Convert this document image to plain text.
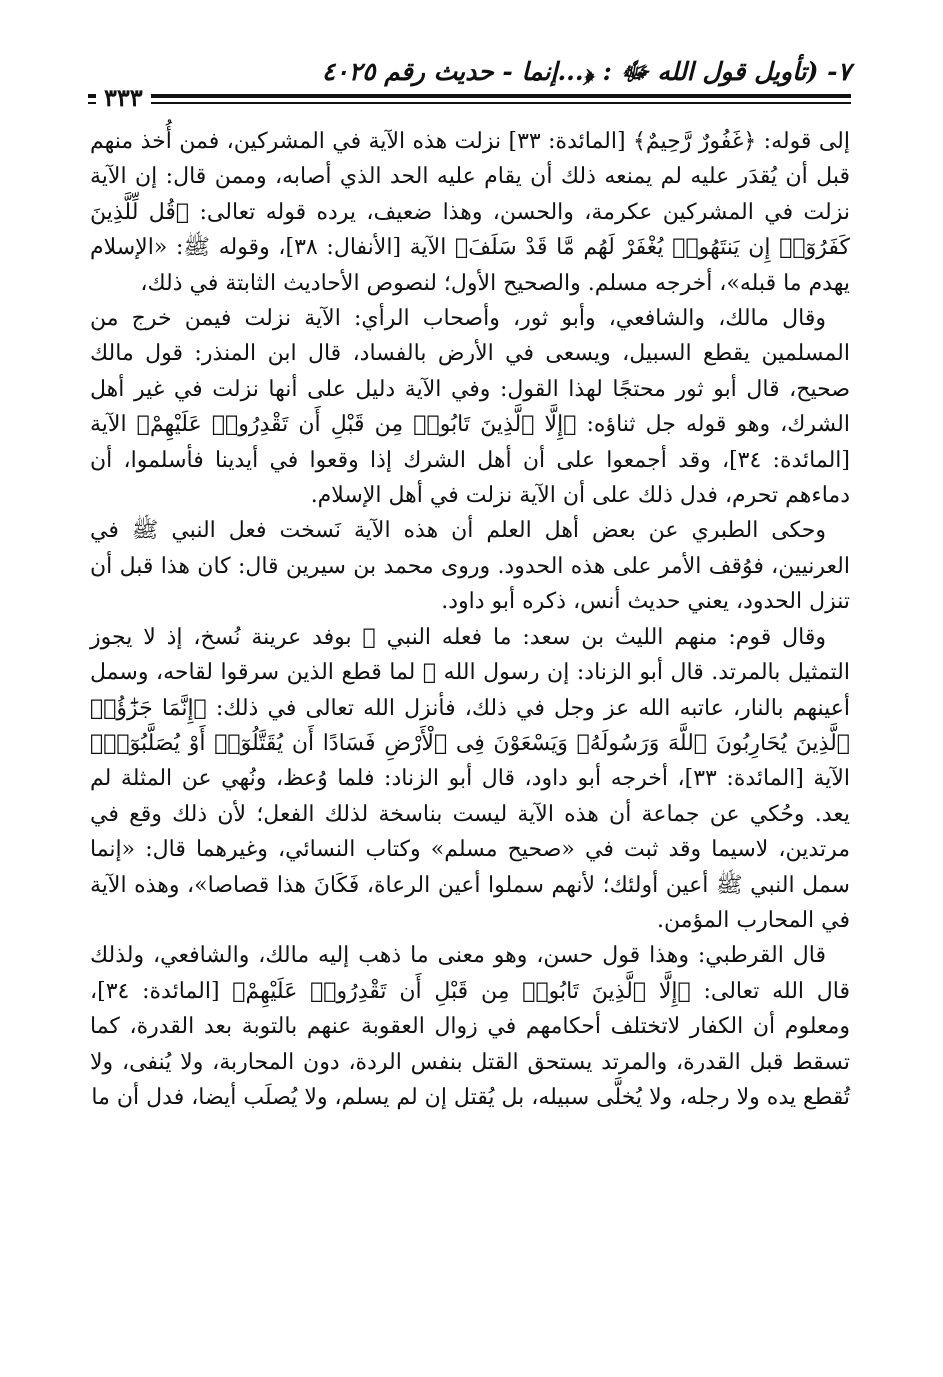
٧- (تأويل قول الله ﷻ : ﴿...إنما - حديث رقم ٤٠٢٥
٣٣٣

إلى قوله: ﴿غَفُورٌ رَّحِيمٌ﴾ [المائدة: ٣٣] نزلت هذه الآية في المشركين، فمن أُخذ منهم قبل أن يُقدَر عليه لم يمنعه ذلك أن يقام عليه الحد الذي أصابه، وممن قال: إن الآية نزلت في المشركين عكرمة، والحسن، وهذا ضعيف، يرده قوله تعالى: ﴿قُل لِّلَّذِينَ كَفَرُوٓا۟ إِن يَنتَهُوا۟ يُغْفَرْ لَهُم مَّا قَدْ سَلَفَ﴾ الآية [الأنفال: ٣٨]، وقوله ﷺ: «الإسلام يهدم ما قبله»، أخرجه مسلم. والصحيح الأول؛ لنصوص الأحاديث الثابتة في ذلك،

وقال مالك، والشافعي، وأبو ثور، وأصحاب الرأي: الآية نزلت فيمن خرج من المسلمين يقطع السبيل، ويسعى في الأرض بالفساد، قال ابن المنذر: قول مالك صحيح، قال أبو ثور محتجًا لهذا القول: وفي الآية دليل على أنها نزلت في غير أهل الشرك، وهو قوله جل ثناؤه: ﴿إِلَّا ٱلَّذِينَ تَابُوا۟ مِن قَبْلِ أَن تَقْدِرُوا۟ عَلَيْهِمْ﴾ الآية [المائدة: ٣٤]، وقد أجمعوا على أن أهل الشرك إذا وقعوا في أيدينا فأسلموا، أن دماءهم تحرم، فدل ذلك على أن الآية نزلت في أهل الإسلام.

وحكى الطبري عن بعض أهل العلم أن هذه الآية نَسخت فعل النبي ﷺ في العرنيين، فوُقف الأمر على هذه الحدود. وروى محمد بن سيرين قال: كان هذا قبل أن تنزل الحدود، يعني حديث أنس، ذكره أبو داود.

وقال قوم: منهم الليث بن سعد: ما فعله النبي ﷺ بوفد عرينة نُسخ، إذ لا يجوز التمثيل بالمرتد. قال أبو الزناد: إن رسول الله ﷺ لما قطع الذين سرقوا لقاحه، وسمل أعينهم بالنار، عاتبه الله عز وجل في ذلك، فأنزل الله تعالى في ذلك: ﴿إِنَّمَا جَزَٰٓؤُا۟ ٱلَّذِينَ يُحَارِبُونَ ٱللَّهَ وَرَسُولَهُۥ وَيَسْعَوْنَ فِى ٱلْأَرْضِ فَسَادًا أَن يُقَتَّلُوٓا۟ أَوْ يُصَلَّبُوٓا۟﴾ الآية [المائدة: ٣٣]، أخرجه أبو داود، قال أبو الزناد: فلما وُعظ، ونُهي عن المثلة لم يعد. وحُكي عن جماعة أن هذه الآية ليست بناسخة لذلك الفعل؛ لأن ذلك وقع في مرتدين، لاسيما وقد ثبت في «صحيح مسلم» وكتاب النسائي، وغيرهما قال: «إنما سمل النبي ﷺ أعين أولئك؛ لأنهم سملوا أعين الرعاة، فَكَانَ هذا قصاصا»، وهذه الآية في المحارب المؤمن.

قال القرطبي: وهذا قول حسن، وهو معنى ما ذهب إليه مالك، والشافعي، ولذلك قال الله تعالى: ﴿إِلَّا ٱلَّذِينَ تَابُوا۟ مِن قَبْلِ أَن تَقْدِرُوا۟ عَلَيْهِمْ﴾ [المائدة: ٣٤]، ومعلوم أن الكفار لاتختلف أحكامهم في زوال العقوبة عنهم بالتوبة بعد القدرة، كما تسقط قبل القدرة، والمرتد يستحق القتل بنفس الردة، دون المحاربة، ولا يُنفى، ولا تُقطع يده ولا رجله، ولا يُخلَّى سبيله، بل يُقتل إن لم يسلم، ولا يُصلَب أيضا، فدل أن ما
